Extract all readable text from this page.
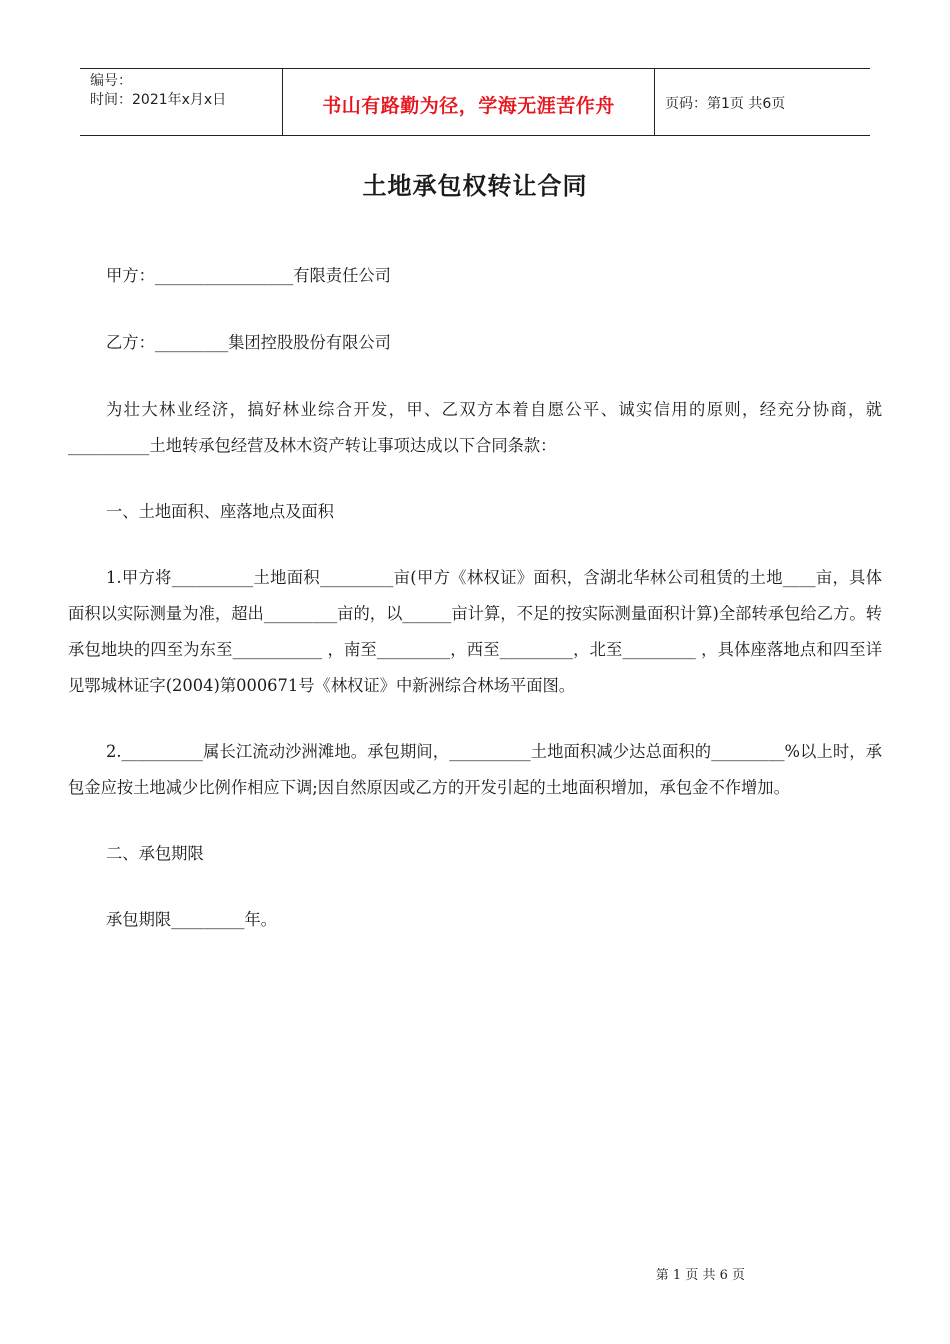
编号：
时间：2021年x月x日	书山有路勤为径，学海无涯苦作舟	页码：第1页 共6页
土地承包权转让合同

甲方：_________________有限责任公司

乙方：_________集团控股股份有限公司

为壮大林业经济，搞好林业综合开发，甲、乙双方本着自愿公平、诚实信用的原则，经充分协商，就__________土地转承包经营及林木资产转让事项达成以下合同条款：

一、土地面积、座落地点及面积

1.甲方将__________土地面积_________亩(甲方《林权证》面积，含湖北华林公司租赁的土地____亩，具体面积以实际测量为准，超出_________亩的，以______亩计算，不足的按实际测量面积计算)全部转承包给乙方。转承包地块的四至为东至___________ ，南至_________，西至_________，北至_________ ，具体座落地点和四至详见鄂城林证字(2004)第000671号《林权证》中新洲综合林场平面图。

2.__________属长江流动沙洲滩地。承包期间，__________土地面积减少达总面积的_________%以上时，承包金应按土地减少比例作相应下调;因自然原因或乙方的开发引起的土地面积增加，承包金不作增加。

二、承包期限

承包期限_________年。

第 1 页 共 6 页
